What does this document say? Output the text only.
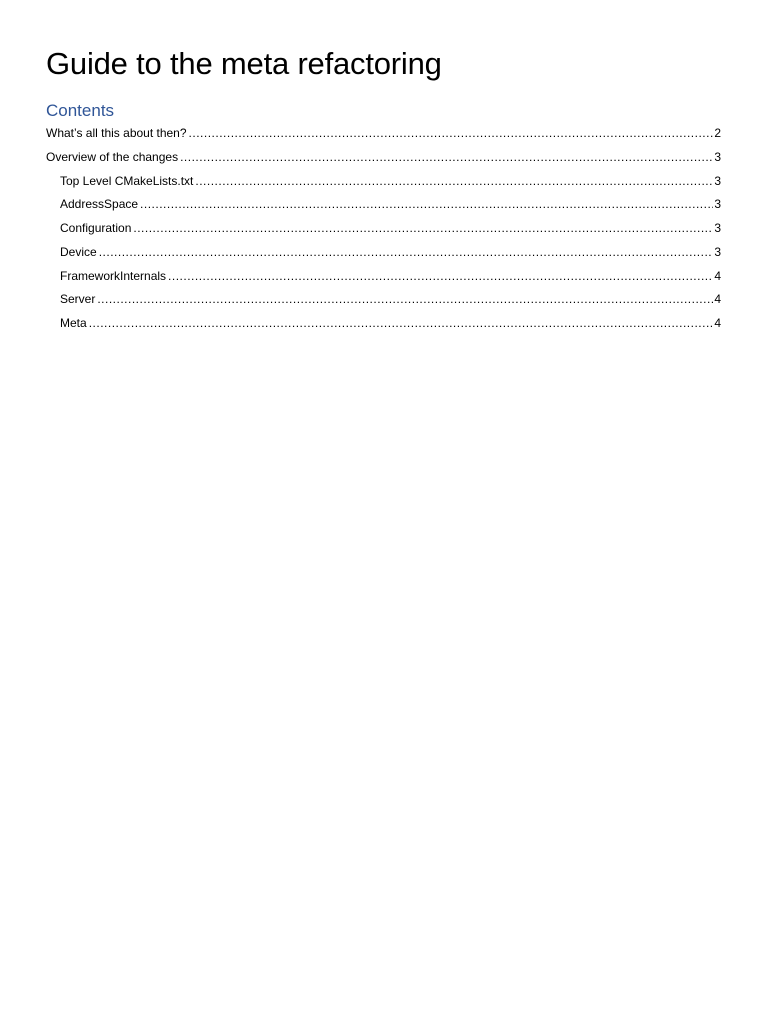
Guide to the meta refactoring
Contents
What’s all this about then? .....	2
Overview of the changes .....	3
Top Level CMakeLists.txt .....	3
AddressSpace .....	3
Configuration .....	3
Device .....	3
FrameworkInternals .....	4
Server .....	4
Meta .....	4
